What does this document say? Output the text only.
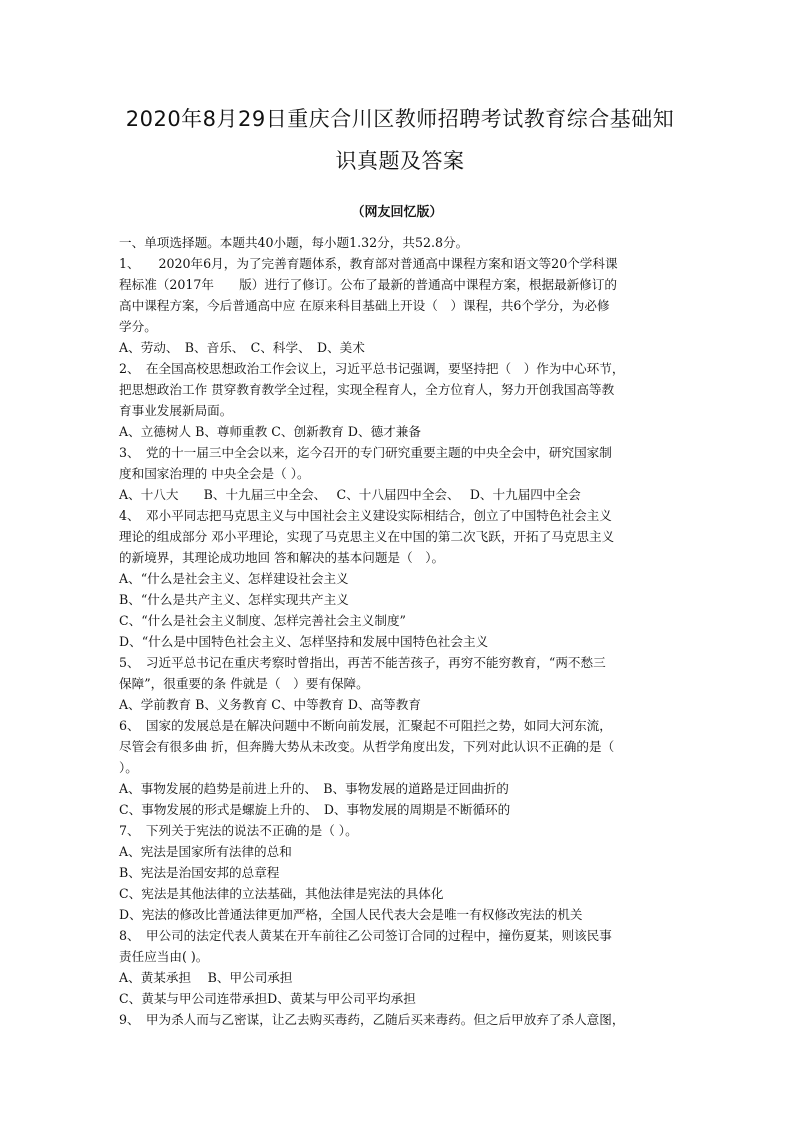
2020年8月29日重庆合川区教师招聘考试教育综合基础知
识真题及答案
（网友回忆版）

一、单项选择题。本题共40小题，每小题1.32分，共52.8分。

1、　　2020年6月，为了完善育题体系，教育部对普通高中课程方案和语文等20个学科课

程标准（2017年　　版）进行了修订。公布了最新的普通高中课程方案，根据最新修订的

高中课程方案，今后普通高中应 在原来科目基础上开设（　）课程，共6个学分，为必修

学分。

A、劳动、　B、音乐、　C、科学、　D、美术

2、　在全国高校思想政治工作会议上，习近平总书记强调，要坚持把（　）作为中心环节，

把思想政治工作 贯穿教育教学全过程，实现全程育人，全方位育人，努力开创我国高等教

育事业发展新局面。

A、立德树人 B、尊师重教 C、创新教育 D、德才兼备

3、　党的十一届三中全会以来，迄今召开的专门研究重要主题的中央全会中，研究国家制

度和国家治理的 中央全会是（ ）。

A、十八大　　B、十九届三中全会、　 C、十八届四中全会、　 D、十九届四中全会

4、　邓小平同志把马克思主义与中国社会主义建设实际相结合，创立了中国特色社会主义

理论的组成部分 邓小平理论，实现了马克思主义在中国的第二次飞跃，开拓了马克思主义

的新境界，其理论成功地回 答和解决的基本问题是（　）。

A、“什么是社会主义、怎样建设社会主义

B、“什么是共产主义、怎样实现共产主义

C、“什么是社会主义制度、怎样完善社会主义制度”

D、“什么是中国特色社会主义、怎样坚持和发展中国特色社会主义

5、　习近平总书记在重庆考察时曾指出，再苦不能苦孩子，再穷不能穷教育，“两不愁三

保障”，很重要的条 件就是（　）要有保障。

A、学前教育 B、义务教育 C、中等教育 D、高等教育

6、　国家的发展总是在解决问题中不断向前发展，汇聚起不可阻拦之势，如同大河东流，

尽管会有很多曲 折，但奔腾大势从未改变。从哲学角度出发，下列对此认识不正确的是（

）。

A、事物发展的趋势是前进上升的、　B、事物发展的道路是迂回曲折的

C、事物发展的形式是螺旋上升的、　D、事物发展的周期是不断循环的

7、　下列关于宪法的说法不正确的是（ ）。

A、宪法是国家所有法律的总和

B、宪法是治国安邦的总章程

C、宪法是其他法律的立法基础，其他法律是宪法的具体化

D、宪法的修改比普通法律更加严格，全国人民代表大会是唯一有权修改宪法的机关

8、　甲公司的法定代表人黄某在开车前往乙公司签订合同的过程中，撞伤夏某，则该民事

责任应当由( )。

A、黄某承担　 B、甲公司承担

C、黄某与甲公司连带承担D、黄某与甲公司平均承担

9、　甲为杀人而与乙密谋，让乙去购买毒药，乙随后买来毒药。但之后甲放弃了杀人意图，
